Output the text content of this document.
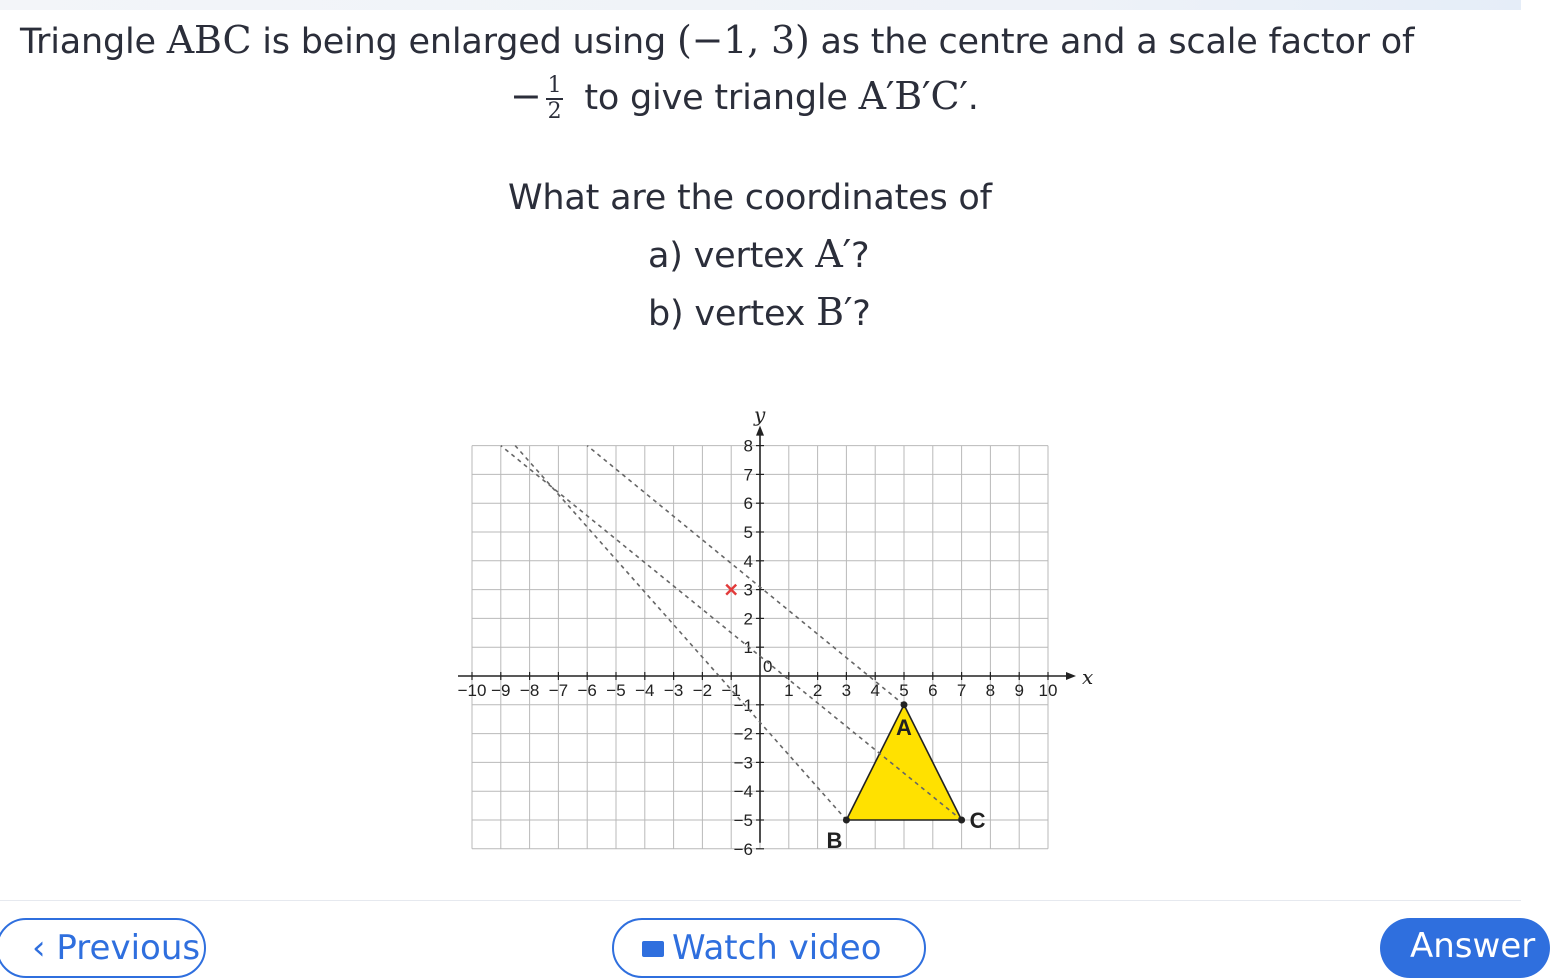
Triangle ABC is being enlarged using (−1, 3) as the centre and a scale factor of
− $\frac{1}{2}$ to give triangle A′B′C′.
What are the coordinates of
a) vertex A′?
b) vertex B′?
x
y
−10 −9 −8 −7 −6 −5 −4 −3 −2 −1	1 2 3 4 5 6 7 8 9 10
−6
−5
−4
−3
−2
−1
1
2
3
4
5
6
7
8
0
A
B
C
‹ Previous	Watch video	Answer
